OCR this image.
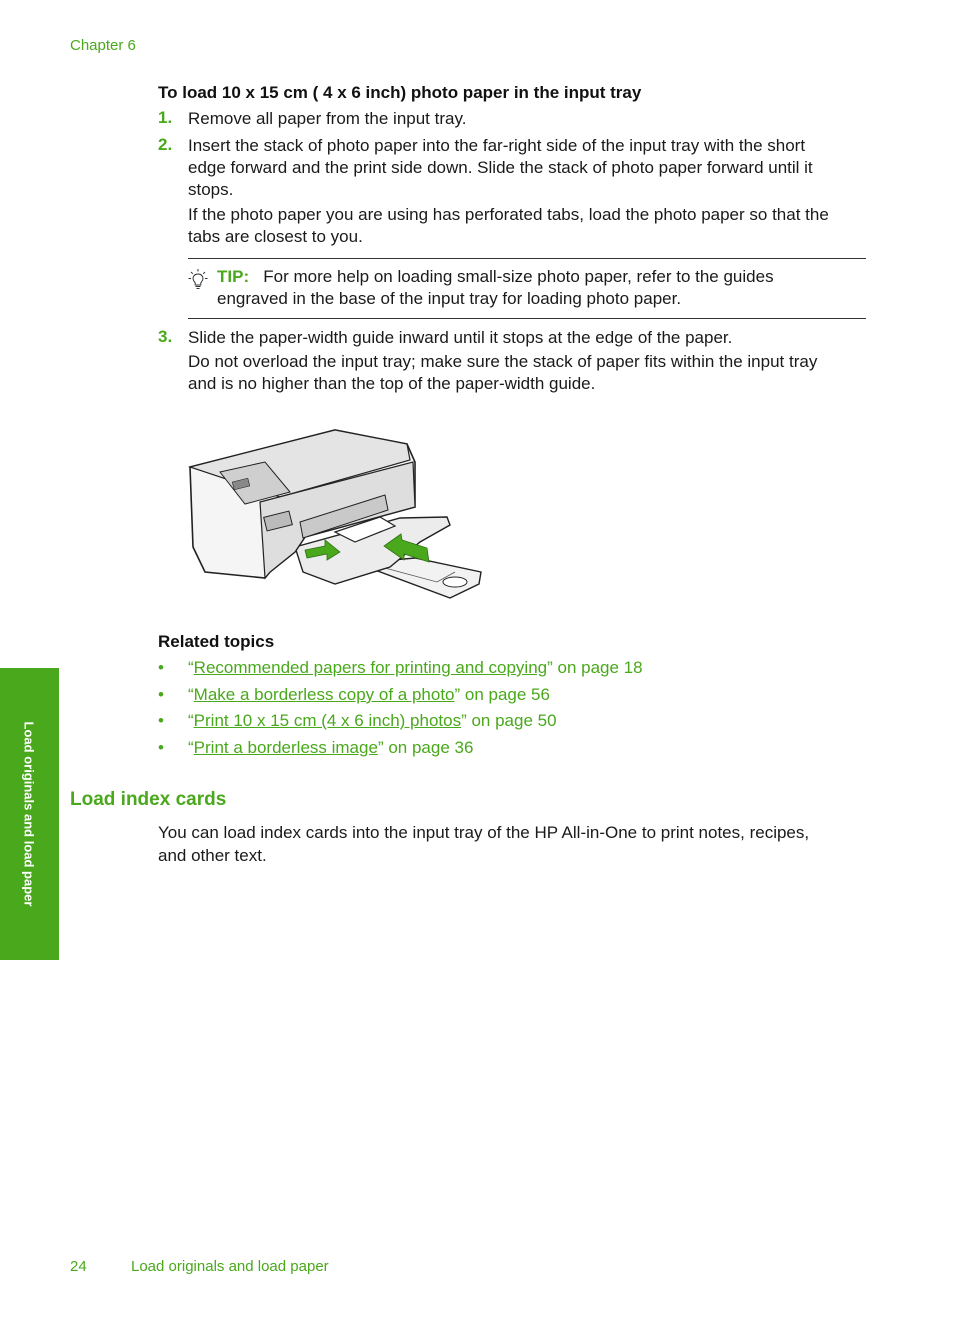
Chapter 6
To load 10 x 15 cm ( 4 x 6 inch) photo paper in the input tray
1. Remove all paper from the input tray.
2. Insert the stack of photo paper into the far-right side of the input tray with the short
edge forward and the print side down. Slide the stack of photo paper forward until it
stops.
If the photo paper you are using has perforated tabs, load the photo paper so that the
tabs are closest to you.
TIP: For more help on loading small-size photo paper, refer to the guides
engraved in the base of the input tray for loading photo paper.
3. Slide the paper-width guide inward until it stops at the edge of the paper.
Do not overload the input tray; make sure the stack of paper fits within the input tray
and is no higher than the top of the paper-width guide.
Related topics
• “Recommended papers for printing and copying” on page 18
• “Make a borderless copy of a photo” on page 56
• “Print 10 x 15 cm (4 x 6 inch) photos” on page 50
• “Print a borderless image” on page 36
Load index cards
You can load index cards into the input tray of the HP All-in-One to print notes, recipes,
and other text.
Load originals and load paper
24	Load originals and load paper
